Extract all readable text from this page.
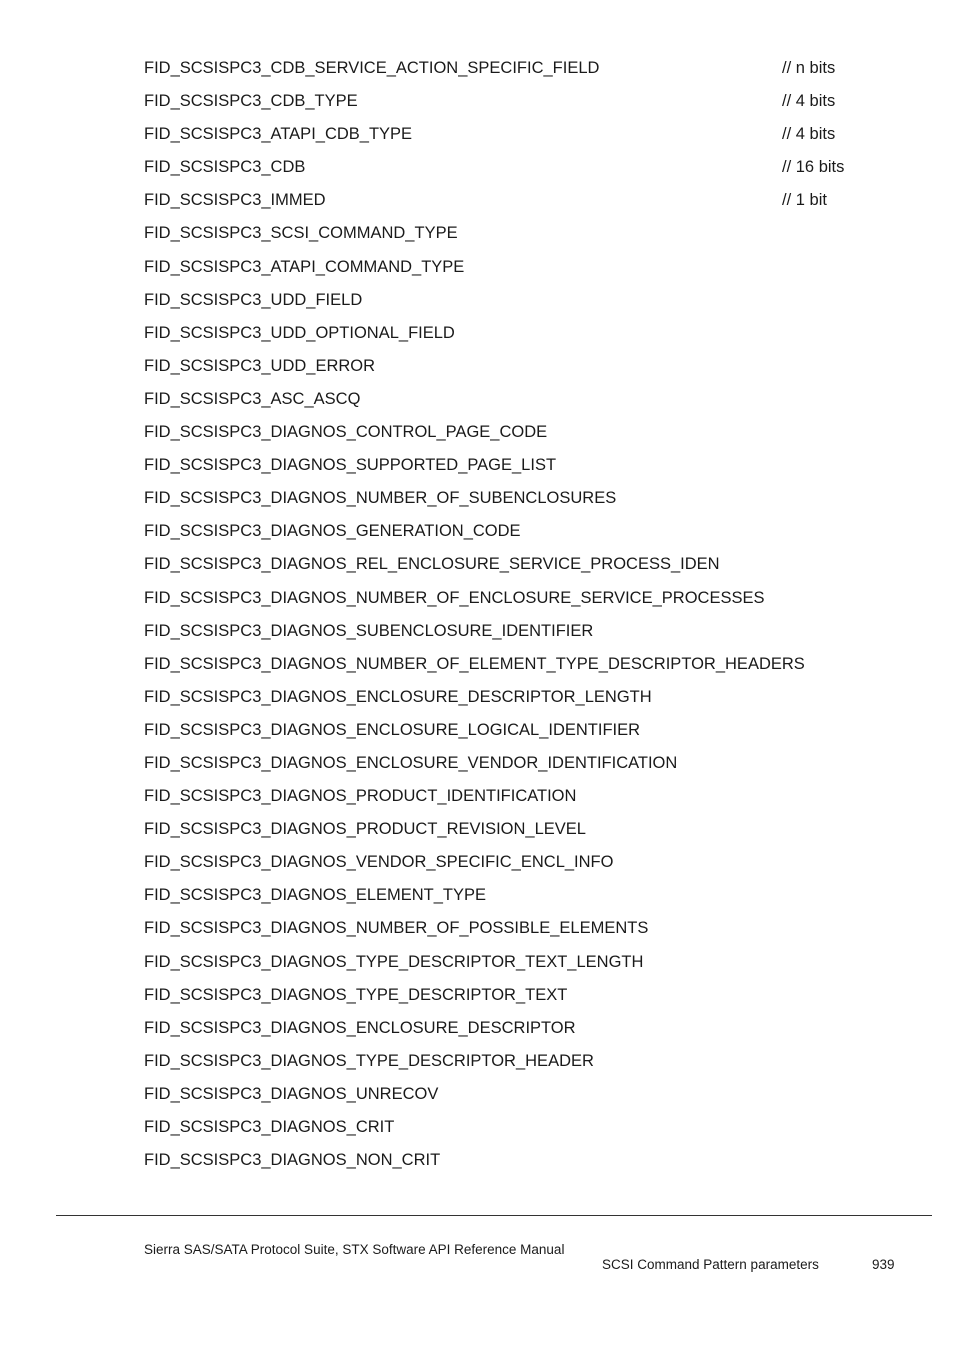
FID_SCSISPC3_CDB_SERVICE_ACTION_SPECIFIC_FIELD	// n bits
FID_SCSISPC3_CDB_TYPE	// 4 bits
FID_SCSISPC3_ATAPI_CDB_TYPE	// 4 bits
FID_SCSISPC3_CDB	// 16 bits
FID_SCSISPC3_IMMED	// 1 bit
FID_SCSISPC3_SCSI_COMMAND_TYPE
FID_SCSISPC3_ATAPI_COMMAND_TYPE
FID_SCSISPC3_UDD_FIELD
FID_SCSISPC3_UDD_OPTIONAL_FIELD
FID_SCSISPC3_UDD_ERROR
FID_SCSISPC3_ASC_ASCQ
FID_SCSISPC3_DIAGNOS_CONTROL_PAGE_CODE
FID_SCSISPC3_DIAGNOS_SUPPORTED_PAGE_LIST
FID_SCSISPC3_DIAGNOS_NUMBER_OF_SUBENCLOSURES
FID_SCSISPC3_DIAGNOS_GENERATION_CODE
FID_SCSISPC3_DIAGNOS_REL_ENCLOSURE_SERVICE_PROCESS_IDEN
FID_SCSISPC3_DIAGNOS_NUMBER_OF_ENCLOSURE_SERVICE_PROCESSES
FID_SCSISPC3_DIAGNOS_SUBENCLOSURE_IDENTIFIER
FID_SCSISPC3_DIAGNOS_NUMBER_OF_ELEMENT_TYPE_DESCRIPTOR_HEADERS
FID_SCSISPC3_DIAGNOS_ENCLOSURE_DESCRIPTOR_LENGTH
FID_SCSISPC3_DIAGNOS_ENCLOSURE_LOGICAL_IDENTIFIER
FID_SCSISPC3_DIAGNOS_ENCLOSURE_VENDOR_IDENTIFICATION
FID_SCSISPC3_DIAGNOS_PRODUCT_IDENTIFICATION
FID_SCSISPC3_DIAGNOS_PRODUCT_REVISION_LEVEL
FID_SCSISPC3_DIAGNOS_VENDOR_SPECIFIC_ENCL_INFO
FID_SCSISPC3_DIAGNOS_ELEMENT_TYPE
FID_SCSISPC3_DIAGNOS_NUMBER_OF_POSSIBLE_ELEMENTS
FID_SCSISPC3_DIAGNOS_TYPE_DESCRIPTOR_TEXT_LENGTH
FID_SCSISPC3_DIAGNOS_TYPE_DESCRIPTOR_TEXT
FID_SCSISPC3_DIAGNOS_ENCLOSURE_DESCRIPTOR
FID_SCSISPC3_DIAGNOS_TYPE_DESCRIPTOR_HEADER
FID_SCSISPC3_DIAGNOS_UNRECOV
FID_SCSISPC3_DIAGNOS_CRIT
FID_SCSISPC3_DIAGNOS_NON_CRIT
Sierra SAS/SATA Protocol Suite, STX Software API Reference Manual
SCSI Command Pattern parameters	939
